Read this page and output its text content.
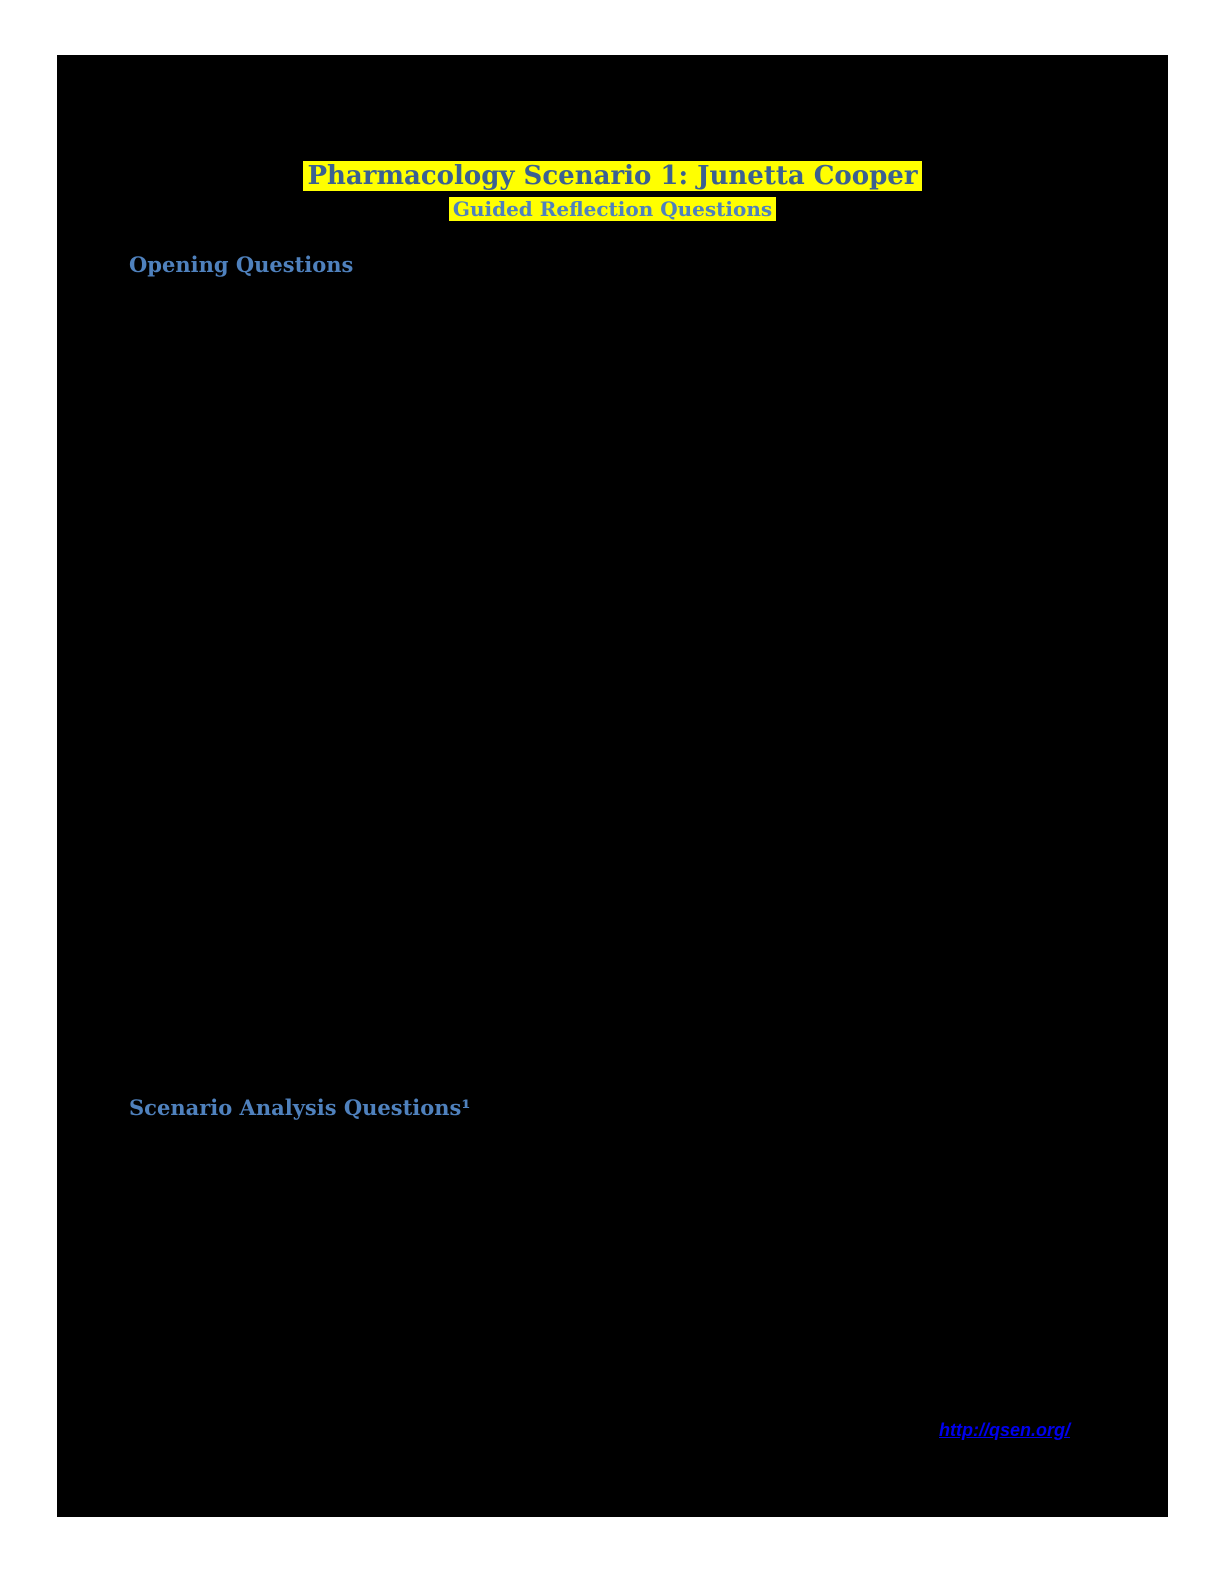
Pharmacology Scenario 1: Junetta Cooper
Guided Reflection Questions
Opening Questions
Scenario Analysis Questions¹
http://qsen.org/
